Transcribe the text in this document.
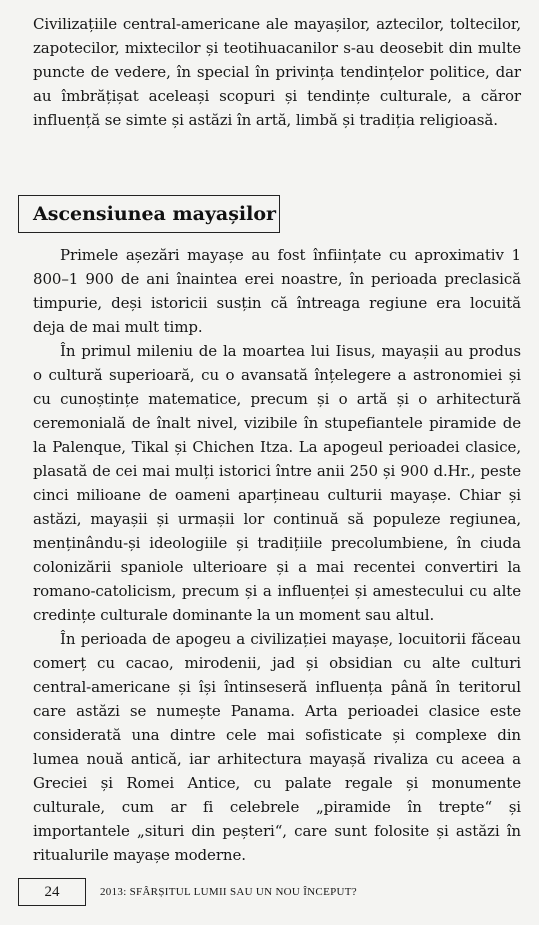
Civilizațiile central-americane ale mayașilor, aztecilor, toltecilor, zapotecilor, mixtecilor și teotihuacanilor s-au deosebit din multe puncte de vedere, în special în privința tendințelor politice, dar au îmbrățișat aceleași scopuri și tendințe culturale, a căror influență se simte și astăzi în artă, limbă și tradiția religioasă.

Ascensiunea mayașilor

Primele așezări mayașe au fost înființate cu aproximativ 1 800–1 900 de ani înaintea erei noastre, în perioada preclasică timpurie, deși istoricii susțin că întreaga regiune era locuită deja de mai mult timp.

În primul mileniu de la moartea lui Iisus, mayașii au produs o cultură superioară, cu o avansată înțelegere a astronomiei și cu cunoștințe matematice, precum și o artă și o arhitectură ceremonială de înalt nivel, vizibile în stupefiantele piramide de la Palenque, Tikal și Chichen Itza. La apogeul perioadei clasice, plasată de cei mai mulți istorici între anii 250 și 900 d.Hr., peste cinci milioane de oameni aparțineau culturii mayașe. Chiar și astăzi, mayașii și urmașii lor continuă să populeze regiunea, menținându-și ideologiile și tradițiile precolumbiene, în ciuda colonizării spaniole ulterioare și a mai recentei convertiri la romano-catolicism, precum și a influenței și amestecului cu alte credințe culturale dominante la un moment sau altul.

În perioada de apogeu a civilizației mayașe, locuitorii făceau comerț cu cacao, mirodenii, jad și obsidian cu alte culturi central-americane și își întinseseră influența până în teritorul care astăzi se numește Panama. Arta perioadei clasice este considerată una dintre cele mai sofisticate și complexe din lumea nouă antică, iar arhitectura mayașă rivaliza cu aceea a Greciei și Romei Antice, cu palate regale și monumente culturale, cum ar fi celebrele „piramide în trepte“ și importantele „situri din peșteri“, care sunt folosite și astăzi în ritualurile mayașe moderne.

24	2013: SFÂRȘITUL LUMII SAU UN NOU ÎNCEPUT?
